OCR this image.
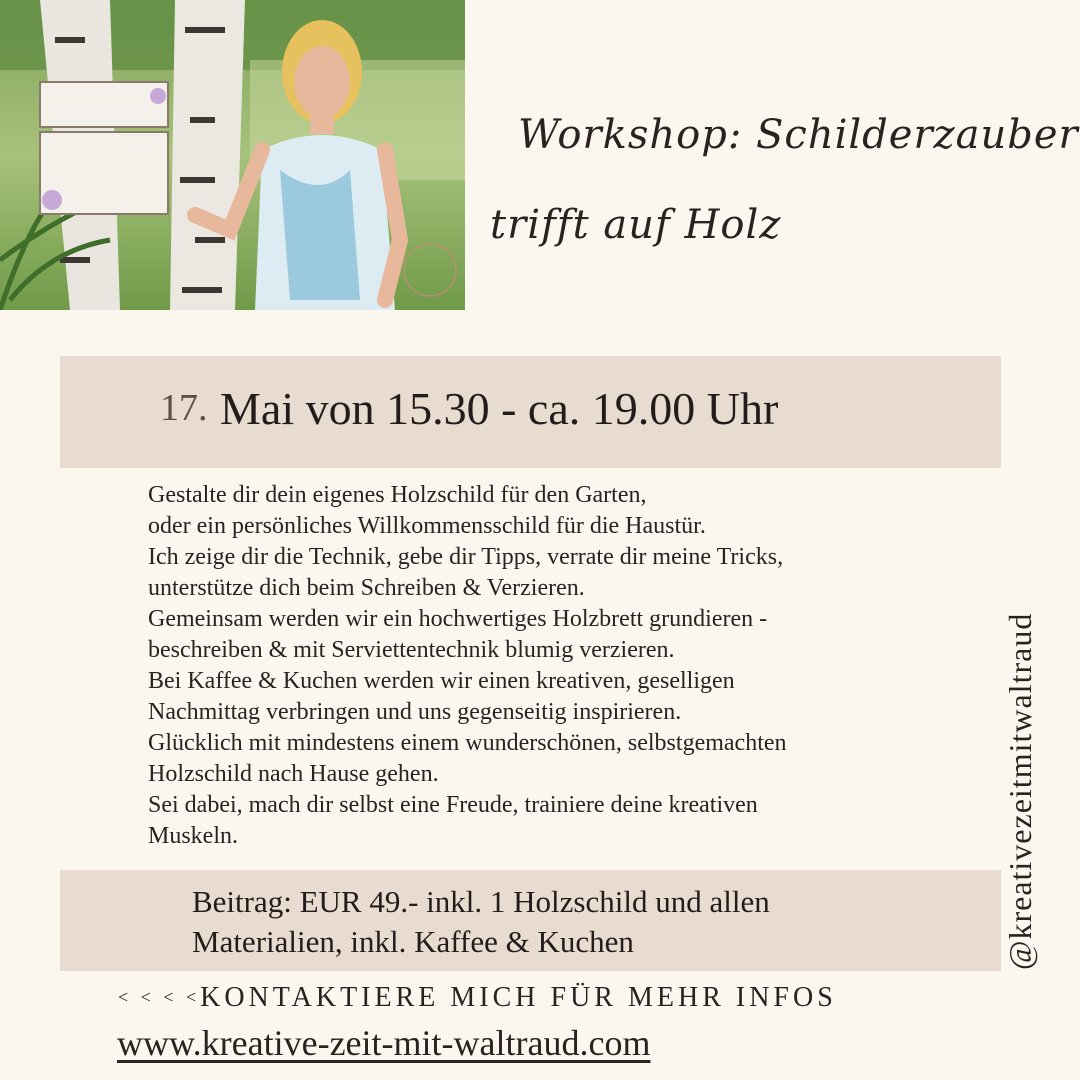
Workshop: Schilderzauber
trifft auf Holz
17. Mai von 15.30 - ca. 19.00 Uhr
Gestalte dir dein eigenes Holzschild für den Garten,
oder ein persönliches Willkommensschild für die Haustür.
Ich zeige dir die Technik, gebe dir Tipps, verrate dir meine Tricks,
unterstütze dich beim Schreiben & Verzieren.
Gemeinsam werden wir ein hochwertiges Holzbrett grundieren -
beschreiben & mit Serviettentechnik blumig verzieren.
Bei Kaffee & Kuchen werden wir einen kreativen, geselligen
Nachmittag verbringen und uns gegenseitig inspirieren.
Glücklich mit mindestens einem wunderschönen, selbstgemachten
Holzschild nach Hause gehen.
Sei dabei, mach dir selbst eine Freude, trainiere deine kreativen
Muskeln.
Beitrag: EUR 49.- inkl. 1 Holzschild und allen
Materialien, inkl. Kaffee & Kuchen
< < < <KONTAKTIERE MICH FÜR MEHR INFOS
www.kreative-zeit-mit-waltraud.com
@kreativezeitmitwaltraud
